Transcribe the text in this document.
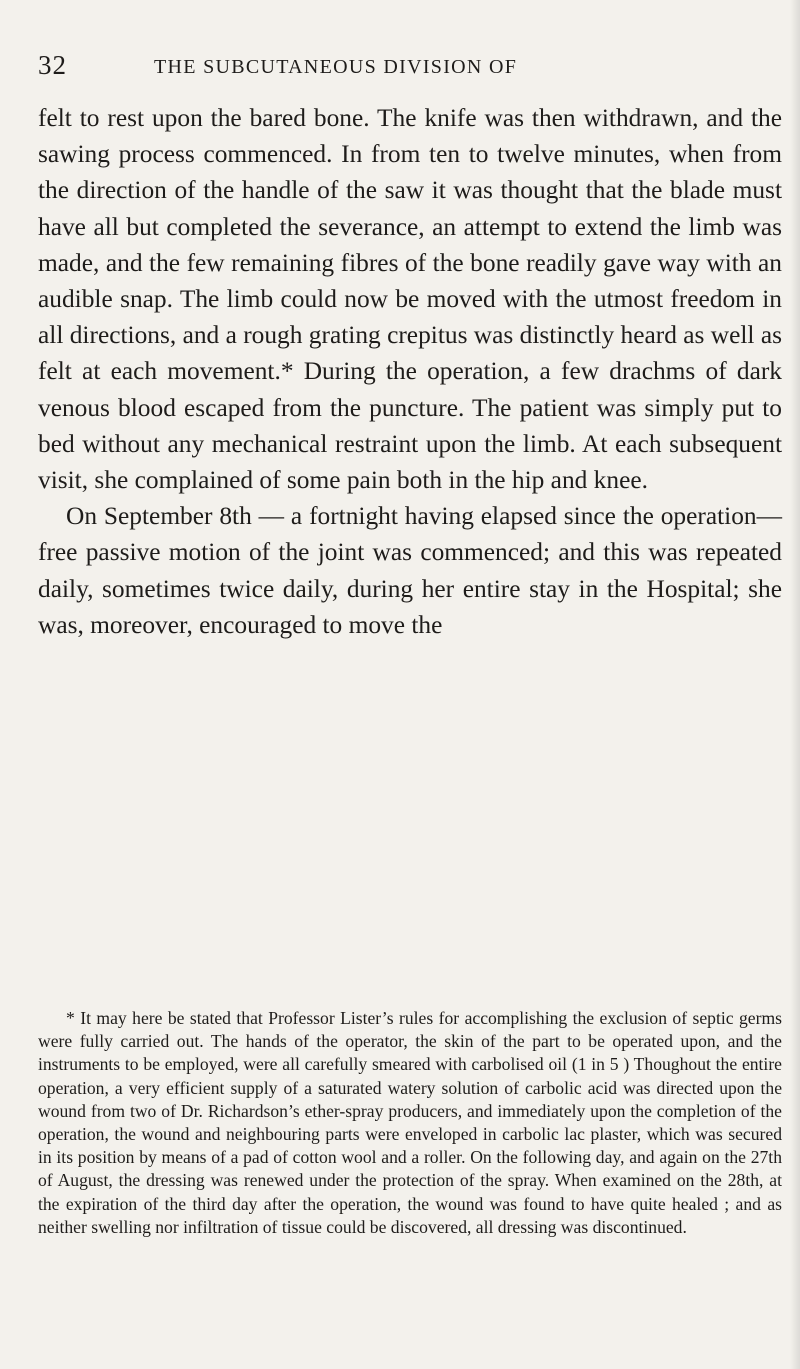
32	THE SUBCUTANEOUS DIVISION OF

felt to rest upon the bared bone. The knife was then withdrawn, and the sawing process commenced. In from ten to twelve minutes, when from the direction of the handle of the saw it was thought that the blade must have all but completed the severance, an attempt to extend the limb was made, and the few remaining fibres of the bone readily gave way with an audible snap. The limb could now be moved with the utmost freedom in all directions, and a rough grating crepitus was distinctly heard as well as felt at each movement.* During the operation, a few drachms of dark venous blood escaped from the puncture. The patient was simply put to bed without any mechanical restraint upon the limb. At each subsequent visit, she complained of some pain both in the hip and knee.

On September 8th — a fortnight having elapsed since the operation—free passive motion of the joint was commenced; and this was repeated daily, sometimes twice daily, during her entire stay in the Hospital; she was, moreover, encouraged to move the

* It may here be stated that Professor Lister’s rules for accomplishing the exclusion of septic germs were fully carried out. The hands of the operator, the skin of the part to be operated upon, and the instruments to be employed, were all carefully smeared with carbolised oil (1 in 5 ) Thoughout the entire operation, a very efficient supply of a saturated watery solution of carbolic acid was directed upon the wound from two of Dr. Richardson’s ether-spray producers, and immediately upon the completion of the operation, the wound and neighbouring parts were enveloped in carbolic lac plaster, which was secured in its position by means of a pad of cotton wool and a roller. On the following day, and again on the 27th of August, the dressing was renewed under the protection of the spray. When examined on the 28th, at the expiration of the third day after the operation, the wound was found to have quite healed ; and as neither swelling nor infiltration of tissue could be discovered, all dressing was discontinued.
